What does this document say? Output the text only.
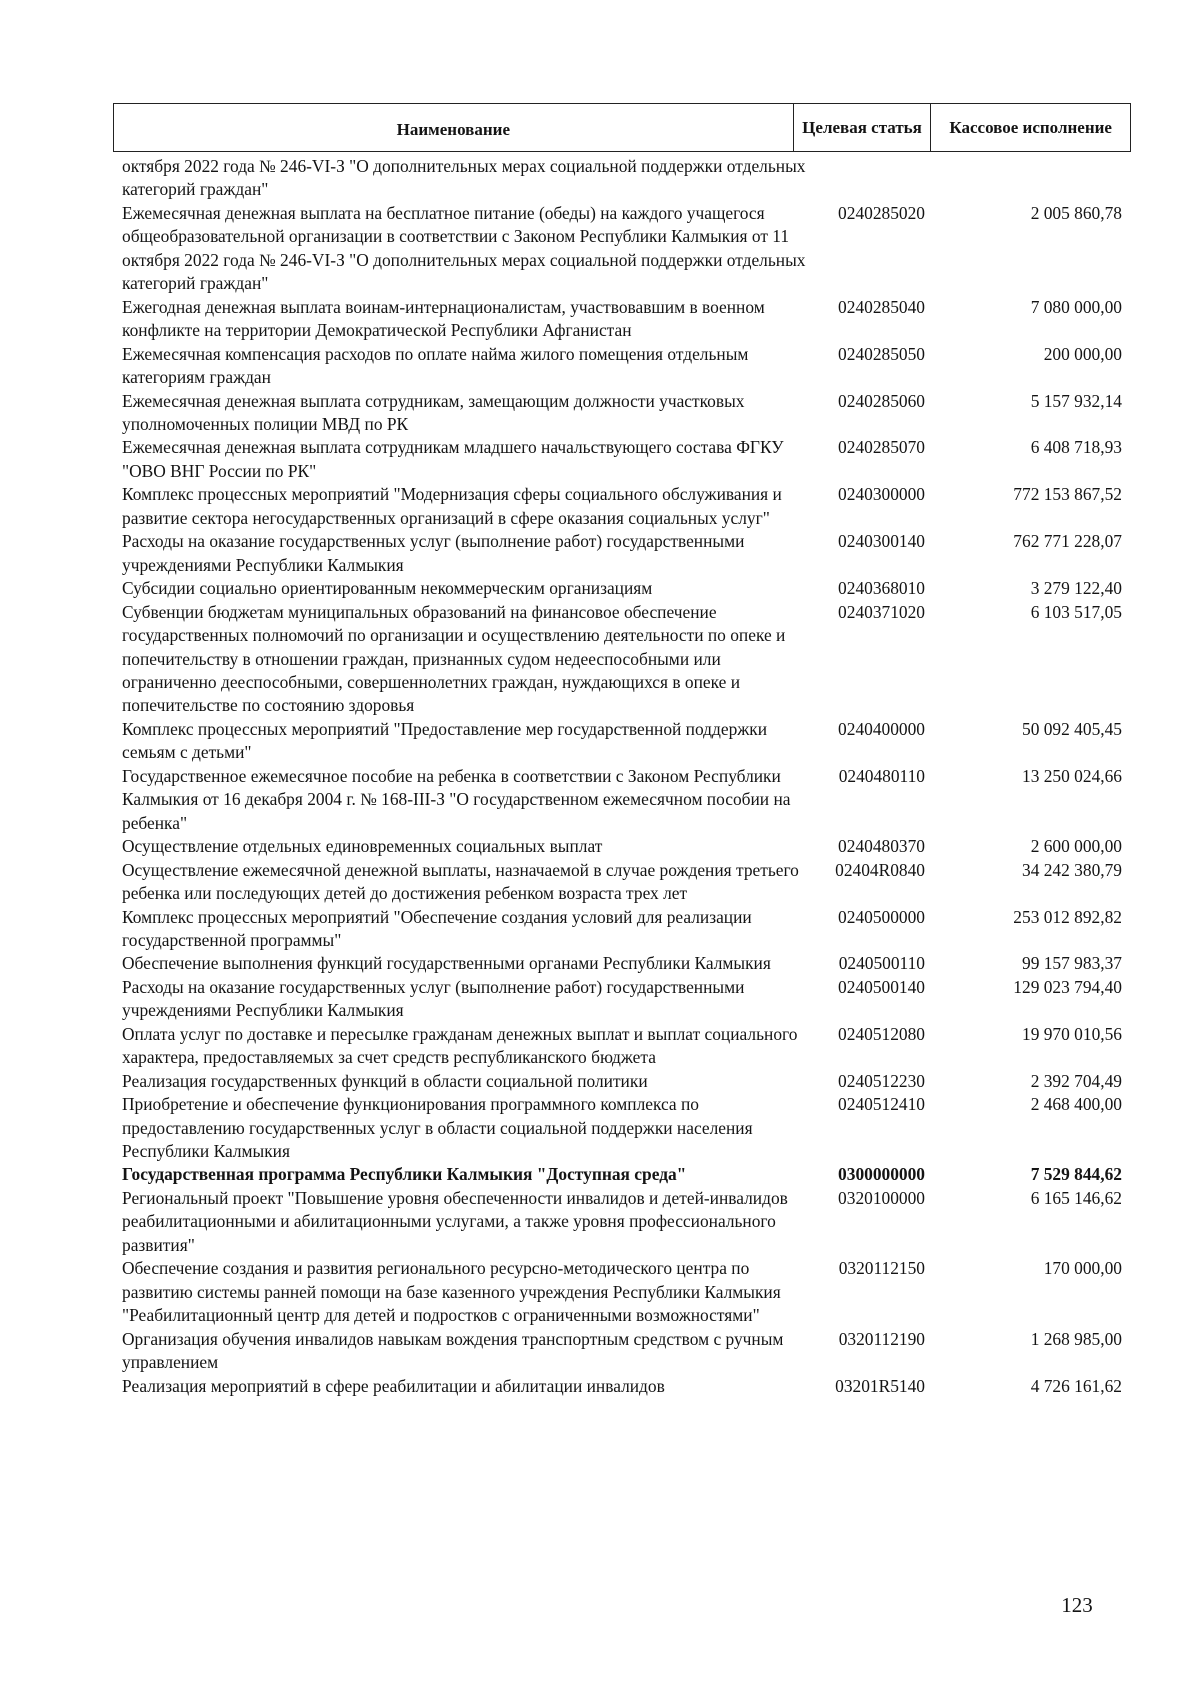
Наименование	Целевая статья	Кассовое исполнение
октября 2022 года № 246-VI-З "О дополнительных мерах социальной поддержки отдельных категорий граждан"
Ежемесячная денежная выплата на бесплатное питание (обеды) на каждого учащегося общеобразовательной организации в соответствии с Законом Республики Калмыкия от 11 октября 2022 года № 246-VI-З "О дополнительных мерах социальной поддержки отдельных категорий граждан"
0240285020	2 005 860,78
Ежегодная денежная выплата воинам-интернационалистам, участвовавшим в военном конфликте на территории Демократической Республики Афганистан
0240285040	7 080 000,00
Ежемесячная компенсация расходов по оплате найма жилого помещения отдельным категориям граждан
0240285050	200 000,00
Ежемесячная денежная выплата сотрудникам, замещающим должности участковых уполномоченных полиции МВД по РК
0240285060	5 157 932,14
Ежемесячная денежная выплата сотрудникам младшего начальствующего состава ФГКУ "ОВО ВНГ России по РК"
0240285070	6 408 718,93
Комплекс процессных мероприятий "Модернизация сферы социального обслуживания и развитие сектора негосударственных организаций в сфере оказания социальных услуг"
0240300000	772 153 867,52
Расходы на оказание государственных услуг (выполнение работ) государственными учреждениями Республики Калмыкия
0240300140	762 771 228,07
Субсидии социально ориентированным некоммерческим организациям	0240368010	3 279 122,40
Субвенции бюджетам муниципальных образований на финансовое обеспечение государственных полномочий по организации и осуществлению деятельности по опеке и попечительству в отношении граждан, признанных судом недееспособными или ограниченно дееспособными, совершеннолетних граждан, нуждающихся в опеке и попечительстве по состоянию здоровья
0240371020	6 103 517,05
Комплекс процессных мероприятий "Предоставление мер государственной поддержки семьям с детьми"
0240400000	50 092 405,45
Государственное ежемесячное пособие на ребенка в соответствии с Законом Республики Калмыкия от 16 декабря 2004 г. № 168-III-З "О государственном ежемесячном пособии на ребенка"
0240480110	13 250 024,66
Осуществление отдельных единовременных социальных выплат	0240480370	2 600 000,00
Осуществление ежемесячной денежной выплаты, назначаемой в случае рождения третьего ребенка или последующих детей до достижения ребенком возраста трех лет
02404R0840	34 242 380,79
Комплекс процессных мероприятий "Обеспечение создания условий для реализации государственной программы"
0240500000	253 012 892,82
Обеспечение выполнения функций государственными органами Республики Калмыкия	0240500110	99 157 983,37
Расходы на оказание государственных услуг (выполнение работ) государственными учреждениями Республики Калмыкия
0240500140	129 023 794,40
Оплата услуг по доставке и пересылке гражданам денежных выплат и выплат социального характера, предоставляемых за счет средств республиканского бюджета
0240512080	19 970 010,56
Реализация государственных функций в области социальной политики	0240512230	2 392 704,49
Приобретение и обеспечение функционирования программного комплекса по предоставлению государственных услуг в области социальной поддержки населения Республики Калмыкия
0240512410	2 468 400,00
Государственная программа Республики Калмыкия "Доступная среда"	0300000000	7 529 844,62
Региональный проект "Повышение уровня обеспеченности инвалидов и детей-инвалидов реабилитационными и абилитационными услугами, а также уровня профессионального развития"
0320100000	6 165 146,62
Обеспечение создания и развития регионального ресурсно-методического центра по развитию системы ранней помощи на базе казенного учреждения Республики Калмыкия "Реабилитационный центр для детей и подростков с ограниченными возможностями"
0320112150	170 000,00
Организация обучения инвалидов навыкам вождения транспортным средством с ручным управлением
0320112190	1 268 985,00
Реализация мероприятий в сфере реабилитации и абилитации инвалидов	03201R5140	4 726 161,62
123
